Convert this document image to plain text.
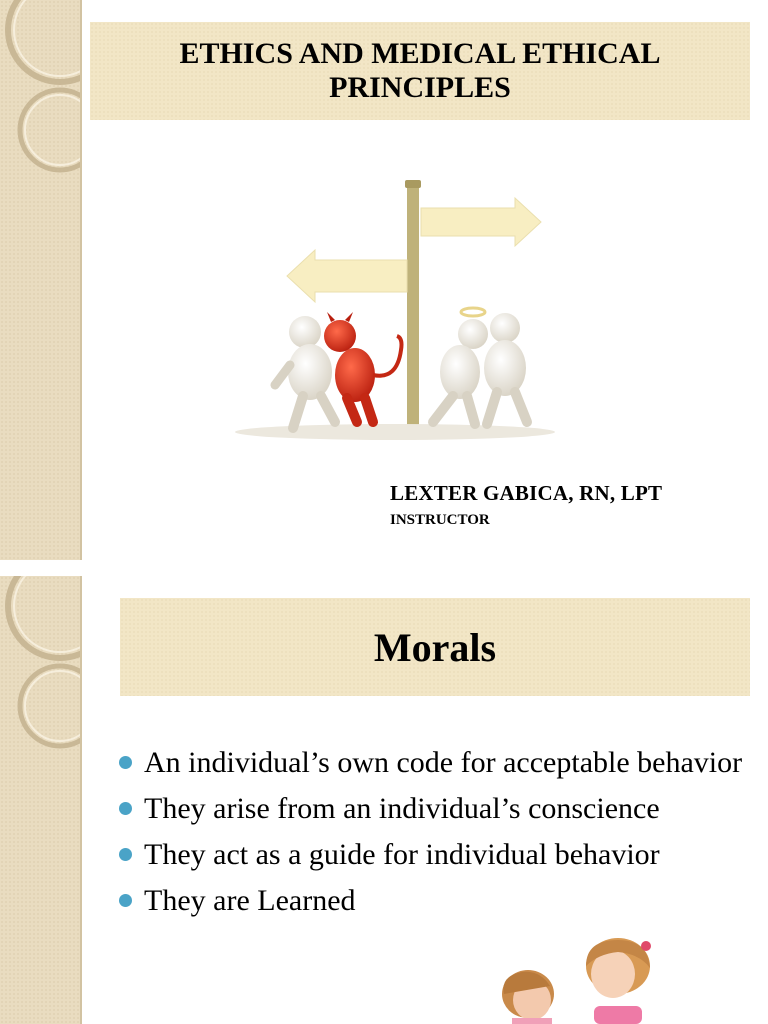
ETHICS AND MEDICAL ETHICAL PRINCIPLES
LEXTER GABICA, RN, LPT
INSTRUCTOR
Morals
An individual’s own code for acceptable behavior
They arise from an individual’s conscience
They act as a guide for individual behavior
They are Learned
